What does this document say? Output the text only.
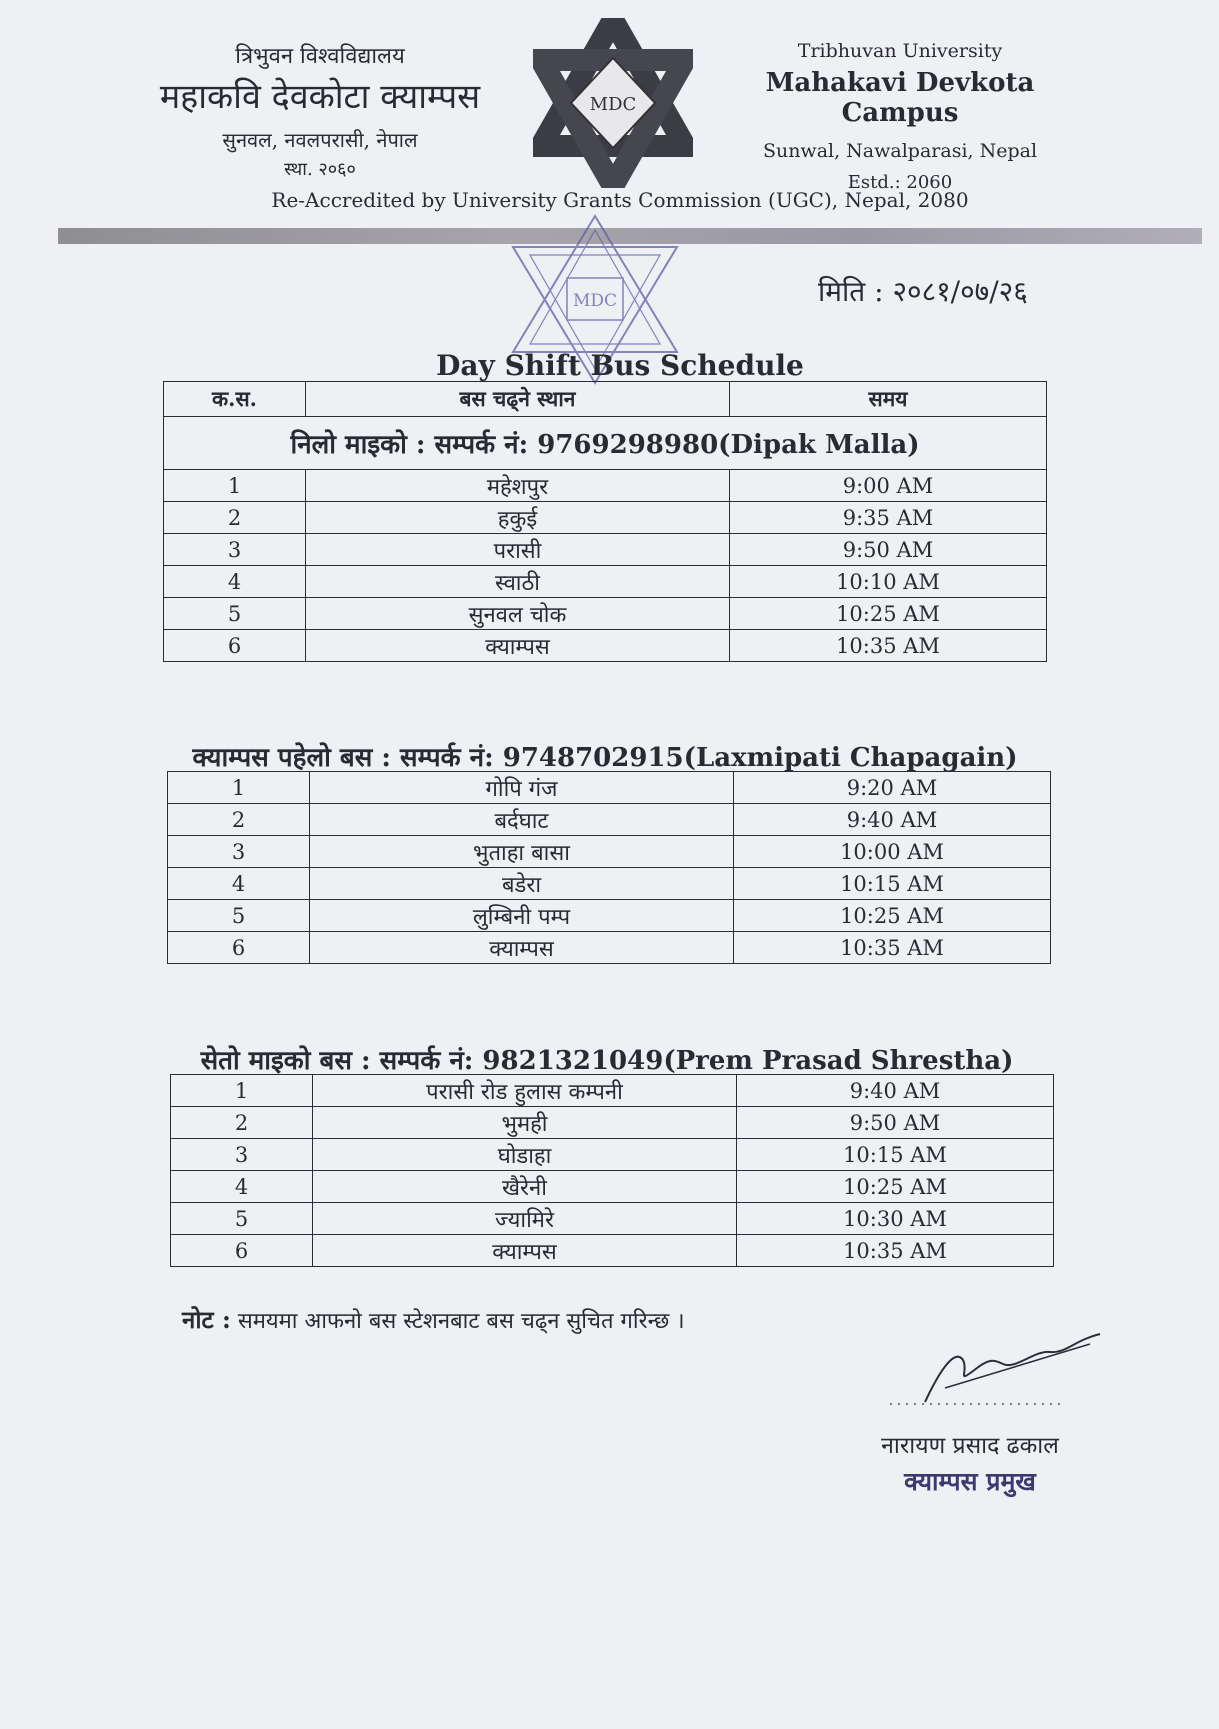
त्रिभुवन विश्वविद्यालय
महाकवि देवकोटा क्याम्पस
सुनवल, नवलपरासी, नेपाल
स्था. २०६०
MDC
Tribhuvan University
Mahakavi Devkota Campus
Sunwal, Nawalparasi, Nepal
Estd.: 2060
Re-Accredited by University Grants Commission (UGC), Nepal, 2080
MDC	मिति : २०८१/०७/२६
Day Shift Bus Schedule
क.स.	बस चढ्ने स्थान	समय
निलो माइको : सम्पर्क नं: 9769298980(Dipak Malla)		
1	महेशपुर	9:00 AM
2	हकुई	9:35 AM
3	परासी	9:50 AM
4	स्वाठी	10:10 AM
5	सुनवल चोक	10:25 AM
6	क्याम्पस	10:35 AM
क्याम्पस पहेलो बस : सम्पर्क नं: 9748702915(Laxmipati Chapagain)
1	गोपि गंज	9:20 AM
2	बर्दघाट	9:40 AM
3	भुताहा बासा	10:00 AM
4	बडेरा	10:15 AM
5	लुम्बिनी पम्प	10:25 AM
6	क्याम्पस	10:35 AM
सेतो माइको बस : सम्पर्क नं: 9821321049(Prem Prasad Shrestha)
1	परासी रोड हुलास कम्पनी	9:40 AM
2	भुमही	9:50 AM
3	घोडाहा	10:15 AM
4	खैरेनी	10:25 AM
5	ज्यामिरे	10:30 AM
6	क्याम्पस	10:35 AM
नोट : समयमा आफनो बस स्टेशनबाट बस चढ्न सुचित गरिन्छ ।
नारायण प्रसाद ढकाल
क्याम्पस प्रमुख
